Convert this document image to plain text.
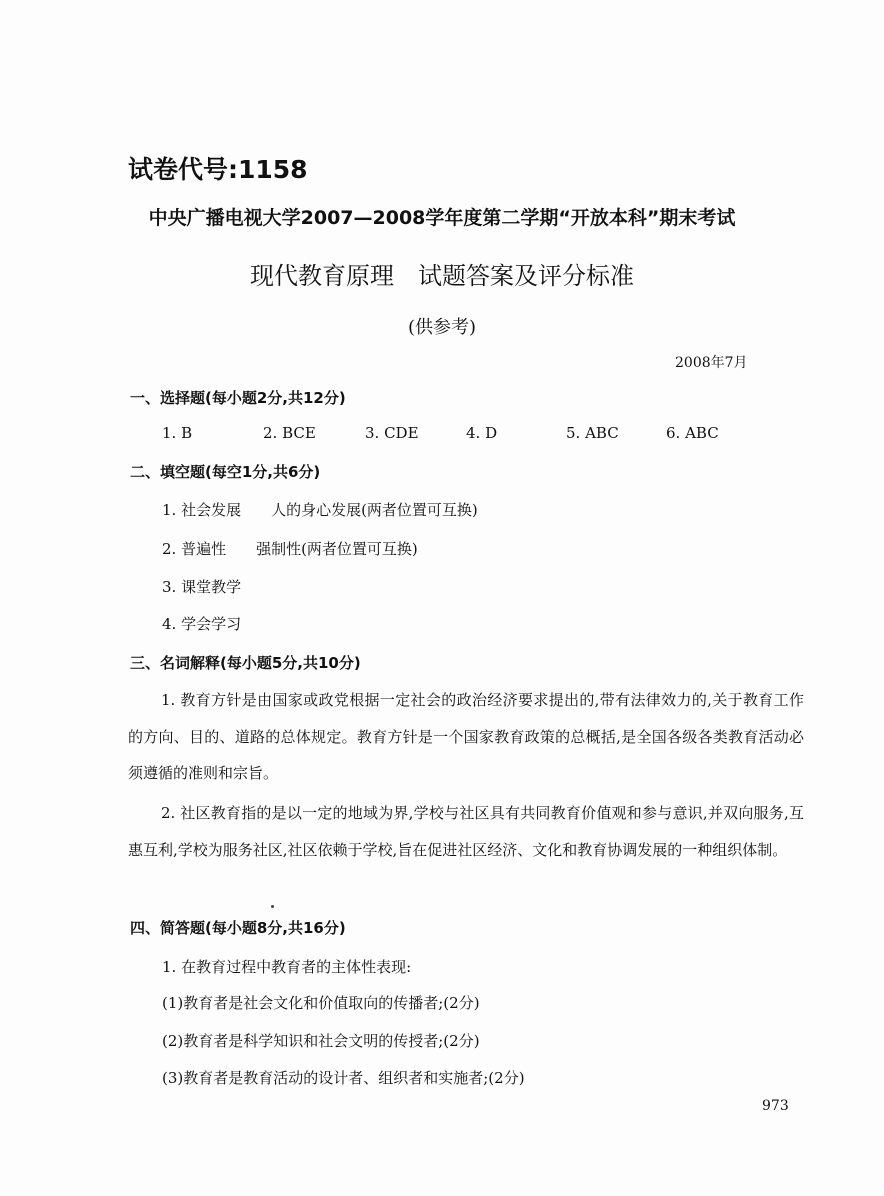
试卷代号:1158
中央广播电视大学2007—2008学年度第二学期“开放本科”期末考试
现代教育原理　试题答案及评分标准
(供参考)
2008年7月
一、选择题(每小题2分,共12分)
1. B	2. BCE	3. CDE	4. D	5. ABC	6. ABC
二、填空题(每空1分,共6分)
1. 社会发展　　人的身心发展(两者位置可互换)
2. 普遍性　　强制性(两者位置可互换)
3. 课堂教学
4. 学会学习
三、名词解释(每小题5分,共10分)
1. 教育方针是由国家或政党根据一定社会的政治经济要求提出的,带有法律效力的,关于教育工作的方向、目的、道路的总体规定。教育方针是一个国家教育政策的总概括,是全国各级各类教育活动必须遵循的准则和宗旨。
2. 社区教育指的是以一定的地域为界,学校与社区具有共同教育价值观和参与意识,并双向服务,互惠互利,学校为服务社区,社区依赖于学校,旨在促进社区经济、文化和教育协调发展的一种组织体制。
四、简答题(每小题8分,共16分)
1. 在教育过程中教育者的主体性表现:
(1)教育者是社会文化和价值取向的传播者;(2分)
(2)教育者是科学知识和社会文明的传授者;(2分)
(3)教育者是教育活动的设计者、组织者和实施者;(2分)
973
